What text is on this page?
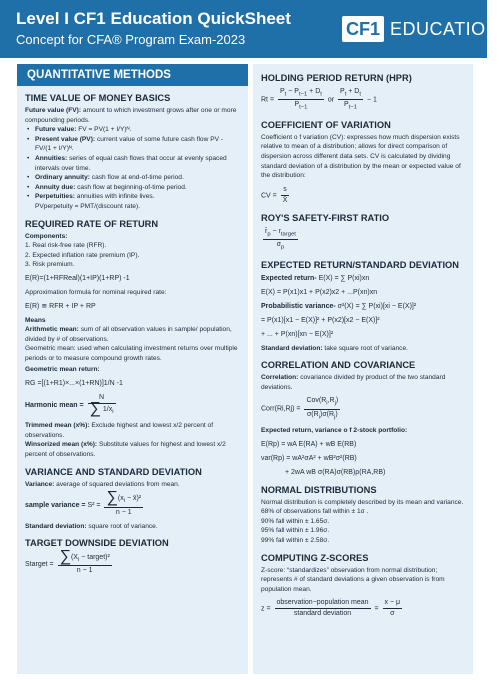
Level I CF1 Education QuickSheet
Concept for CFA® Program Exam-2023
CF1 EDUCATION
QUANTITATIVE METHODS
TIME VALUE OF MONEY BASICS

Future value (FV): amount to which investment grows after one or more compounding periods.

• Future value: FV = PV(1 + I/Y)ᴺ.
• Present value (PV): current value of some future cash flow PV - FV/(1 + I/Y)ᴺ.
• Annuities: series of equal cash flows that occur at evenly spaced intervals over time.
• Ordinary annuity: cash flow at end-of-time period.
• Annuity due: cash flow at beginning-of-time period.
• Perpetuities: annuities with infinite lives.

PVperpetuity = PMT/(discount rate).

REQUIRED RATE OF RETURN

Components:

1. Real risk-free rate (RFR).

2. Expected inflation rate premium (IP).

3. Risk premium.

E(R)=(1+RFReal)(1+IP)(1+RP) -1

Approximation formula for nominal required rate:

E(R) ≅ RFR + IP + RP

Means

Arithmetic mean: sum of all observation values in sample/ population, divided by # of observations.

Geometric mean: used when calculating investment returns over multiple periods or to measure compound growth rates.

Geometric mean return:

RG =[(1+R1)×...×(1+RN)]1/N -1
Harmonic mean = $\frac{N}{\sum 1/x_i}$

Trimmed mean (x%): Exclude highest and lowest x/2 percent of observations.

Winsorized mean (x%): Substitute values for highest and lowest x/2 percent of observations.

VARIANCE AND STANDARD DEVIATION

Variance: average of squared deviations from mean.

sample variance = $S^2 = \frac{\sum(x_i - x̄)^2}{n - 1}$

Standard deviation: square root of variance.

TARGET DOWNSIDE DEVIATION
Starget = $\frac{\sum(X_i - target)^2}{n - 1}$
HOLDING PERIOD RETURN (HPR)
$Rt = \frac{P_t - P_{t-1} + D_t}{P_{t-1}}$ or $\frac{P_t + D_t}{P_{t-1}} - 1$
COEFFICIENT OF VARIATION

Coefficient o f variation (CV): expresses how much dispersion exists relative to mean of a distribution; allows for direct comparison of dispersion across different data sets. CV is calculated by dividing standard deviation of a distribution by the mean or expected value of the distribution:

CV = $\frac{s}{X̄}$
ROY'S SAFETY-FIRST RATIO
$\frac{r̄_p - r_{target}}{\sigma_p}$
EXPECTED RETURN/STANDARD DEVIATION
Expected return- E(X) = ∑ P(xi)xn
E(X) = P(x1)x1 + P(x2)x2 + ...P(xn)xn
Probabilistic variance- σ²(X) = ∑ P(xi)[xi − E(X)]²
= P(x1)[x1 − E(X)]² + P(x2)[x2 − E(X)]²
+ ... + P(xn)[xn − E(X)]²

Standard deviation: take square root of variance.

CORRELATION AND COVARIANCE

Correlation: covariance divided by product of the two standard deviations.

Corr(Ri,Rj) = $\frac{Cov(R_i,R_j)}{\sigma(R_i)\sigma(R_j)}$

Expected return, variance o f 2-stock portfolio:

E(Rp) = wA E(RA) + wB E(RB)
var(Rp) = wA²σA² + wB²σ²(RB)
+ 2wA wB σ(RA)σ(RB)ρ(RA,RB)
NORMAL DISTRIBUTIONS

Normal distribution is completely described by its mean and variance.

68% of observations fall within ± 1σ .

90% fall within ± 1.65σ.

95% fall within ± 1.96σ.

99% fall within ± 2.58σ.

COMPUTING Z-SCORES

Z-score: “standardizes” observation from normal distribution; represents # of standard deviations a given observation is from population mean.

$z = \frac{\text{observation−population mean}}{\text{standard deviation}} = \frac{x - \mu}{\sigma}$
